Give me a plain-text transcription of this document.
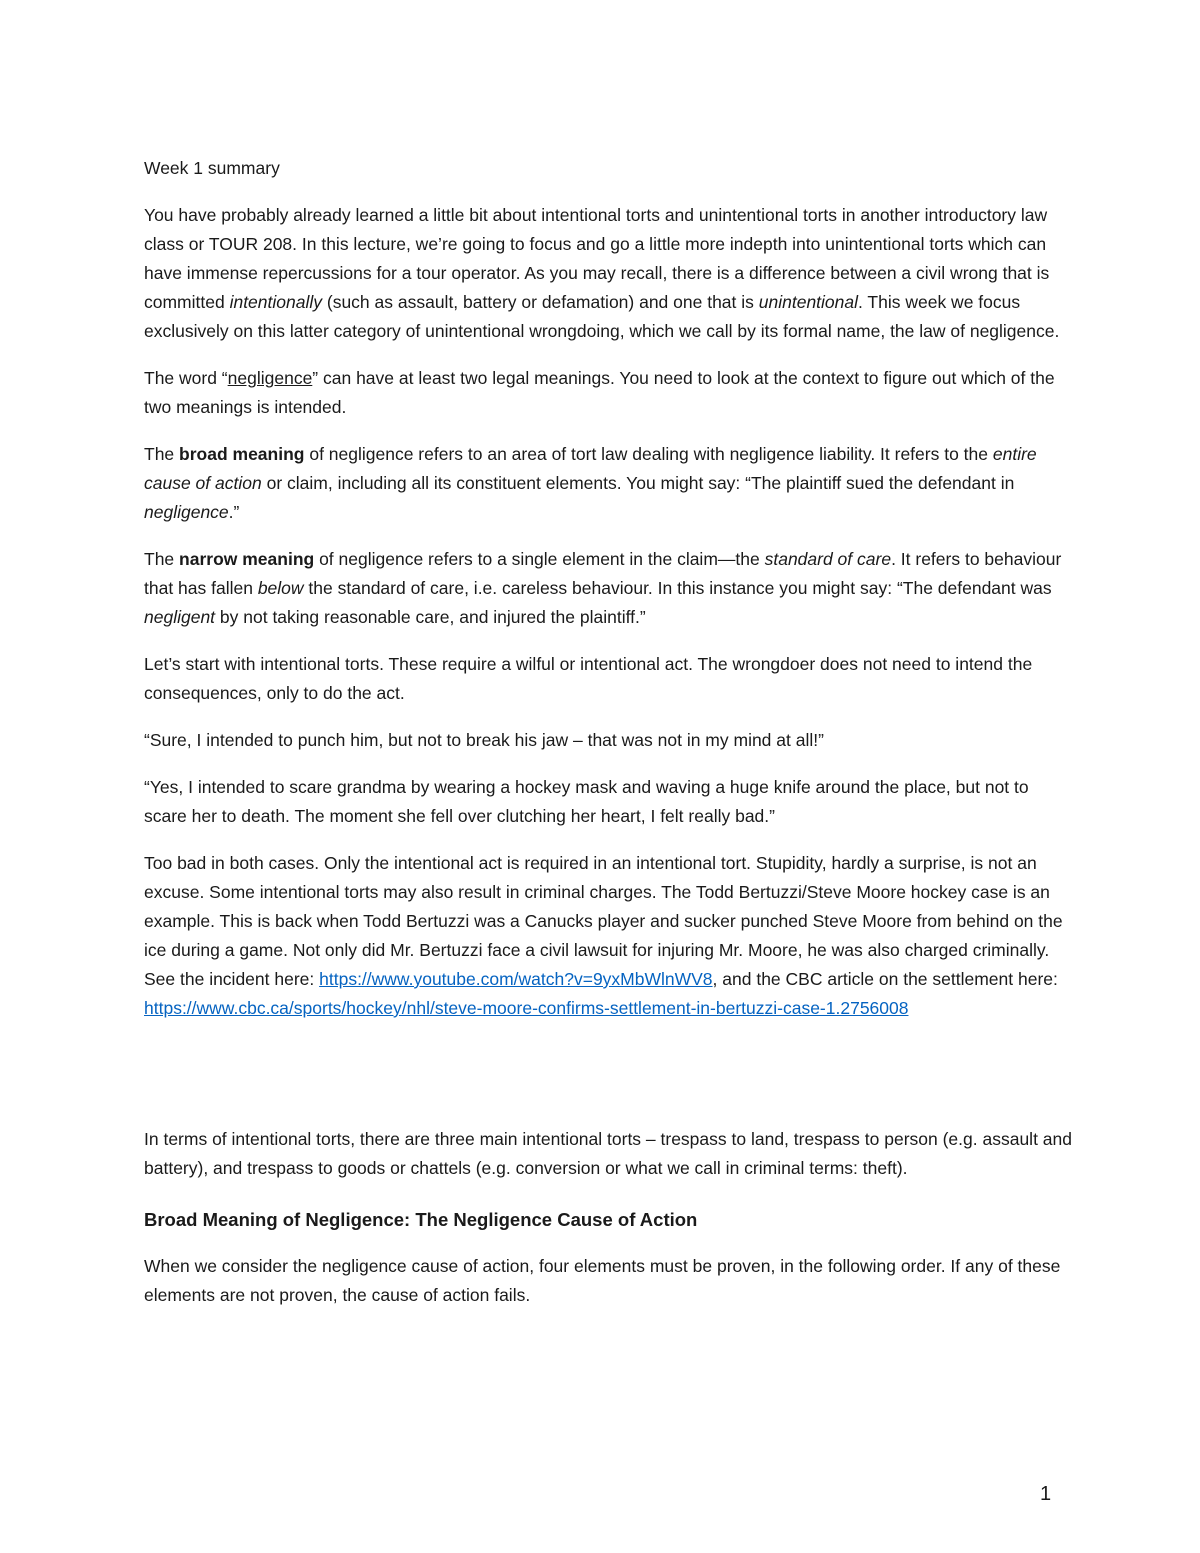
Week 1 summary

You have probably already learned a little bit about intentional torts and unintentional torts in another introductory law class or TOUR 208. In this lecture, we’re going to focus and go a little more indepth into unintentional torts which can have immense repercussions for a tour operator. As you may recall, there is a difference between a civil wrong that is committed intentionally (such as assault, battery or defamation) and one that is unintentional. This week we focus exclusively on this latter category of unintentional wrongdoing, which we call by its formal name, the law of negligence.

The word “negligence” can have at least two legal meanings. You need to look at the context to figure out which of the two meanings is intended.

The broad meaning of negligence refers to an area of tort law dealing with negligence liability. It refers to the entire cause of action or claim, including all its constituent elements. You might say: “The plaintiff sued the defendant in negligence.”

The narrow meaning of negligence refers to a single element in the claim—the standard of care. It refers to behaviour that has fallen below the standard of care, i.e. careless behaviour. In this instance you might say: “The defendant was negligent by not taking reasonable care, and injured the plaintiff.”

Let’s start with intentional torts. These require a wilful or intentional act. The wrongdoer does not need to intend the consequences, only to do the act.

“Sure, I intended to punch him, but not to break his jaw – that was not in my mind at all!”

“Yes, I intended to scare grandma by wearing a hockey mask and waving a huge knife around the place, but not to scare her to death. The moment she fell over clutching her heart, I felt really bad.”

Too bad in both cases. Only the intentional act is required in an intentional tort. Stupidity, hardly a surprise, is not an excuse. Some intentional torts may also result in criminal charges. The Todd Bertuzzi/Steve Moore hockey case is an example. This is back when Todd Bertuzzi was a Canucks player and sucker punched Steve Moore from behind on the ice during a game. Not only did Mr. Bertuzzi face a civil lawsuit for injuring Mr. Moore, he was also charged criminally. See the incident here: https://www.youtube.com/watch?v=9yxMbWlnWV8, and the CBC article on the settlement here: https://www.cbc.ca/sports/hockey/nhl/steve-moore-confirms-settlement-in-bertuzzi-case-1.2756008

In terms of intentional torts, there are three main intentional torts – trespass to land, trespass to person (e.g. assault and battery), and trespass to goods or chattels (e.g. conversion or what we call in criminal terms: theft).

Broad Meaning of Negligence: The Negligence Cause of Action

When we consider the negligence cause of action, four elements must be proven, in the following order. If any of these elements are not proven, the cause of action fails.

1
